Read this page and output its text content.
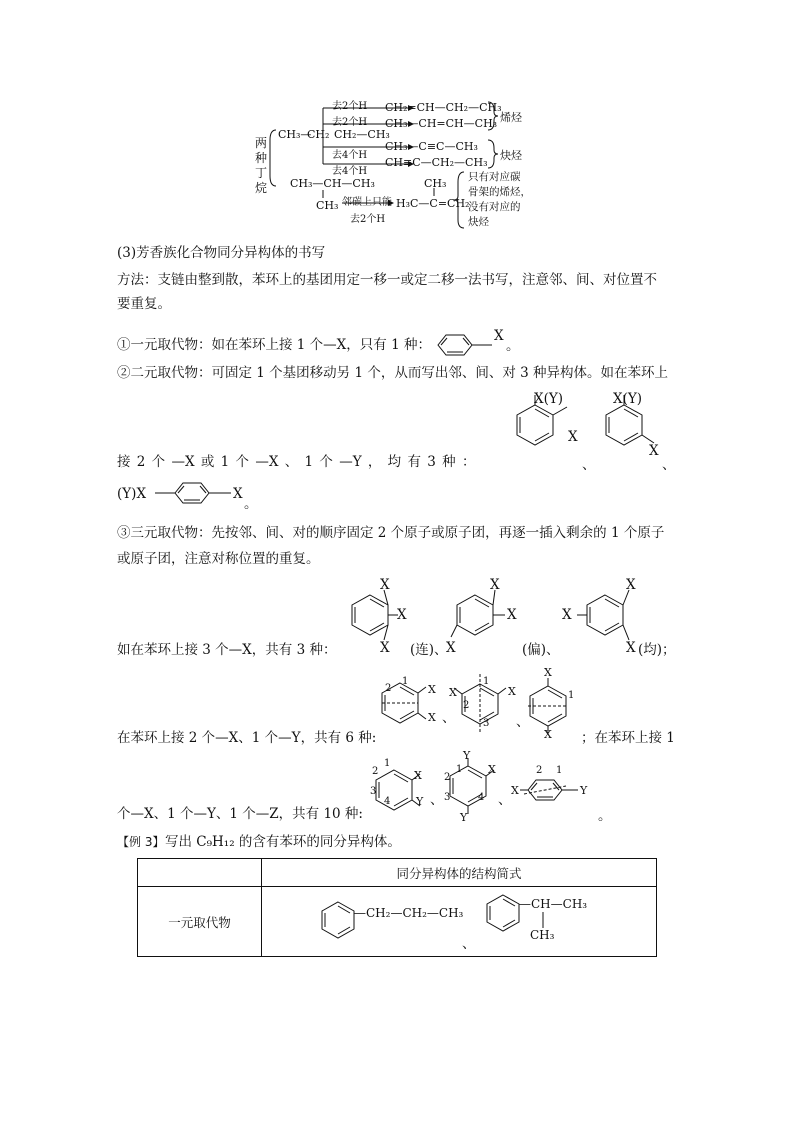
两
种
丁
烷
CH₃—
CH₂ CH₂—CH₃
去2个H
去2个H
去4个H
去4个H
CH₂=CH—CH₂—CH₃
CH₃—CH=CH—CH₃
CH₃—C≡C—CH₃
CH≡C—CH₂—CH₃
烯烃
炔烃
CH₃—CH—CH₃
CH₃ 邻碳上只能
去2个H
H₃C—C=CH₂
CH₃ 只有对应碳
骨架的烯烃，
没有对应的
炔烃
(3)芳香族化合物同分异构体的书写
方法：支链由整到散，苯环上的基团用定一移一或定二移一法书写，注意邻、间、对位置不
要重复。
①一元取代物：如在苯环上接 1 个—X，只有 1 种：
X
。
②二元取代物：可固定 1 个基团移动另 1 个，从而写出邻、间、对 3 种异构体。如在苯环上
接 2 个 —X 或 1 个 —X 、 1 个 —Y ， 均 有 3 种 ：
X(Y)
X
、
X(Y)
X
、
(Y)X	X
。
③三元取代物：先按邻、间、对的顺序固定 2 个原子或原子团，再逐一插入剩余的 1 个原子
或原子团，注意对称位置的重复。
X
X
X
如在苯环上接 3 个—X，共有 3 种：	(连)、
X
X
X
(偏)、
X
X
X (均)；
1
2	X
X 、
X
1
2
3
X
、
X
1
X
在苯环上接 2 个—X、1 个—Y，共有 6 种:	；在苯环上接 1
1
2
3
4
X
Y 、
Y
1
2
3	4
X
Y
、
X
2 1
Y
个—X、1 个—Y、1 个—Z，共有 10 种:	。
【例 3】 写出 C₉H₁₂ 的含有苯环的同分异构体。
	同分异构体的结构简式
一元取代物	
—CH₂—CH₂—CH₃
、
—CH—CH₃
CH₃
